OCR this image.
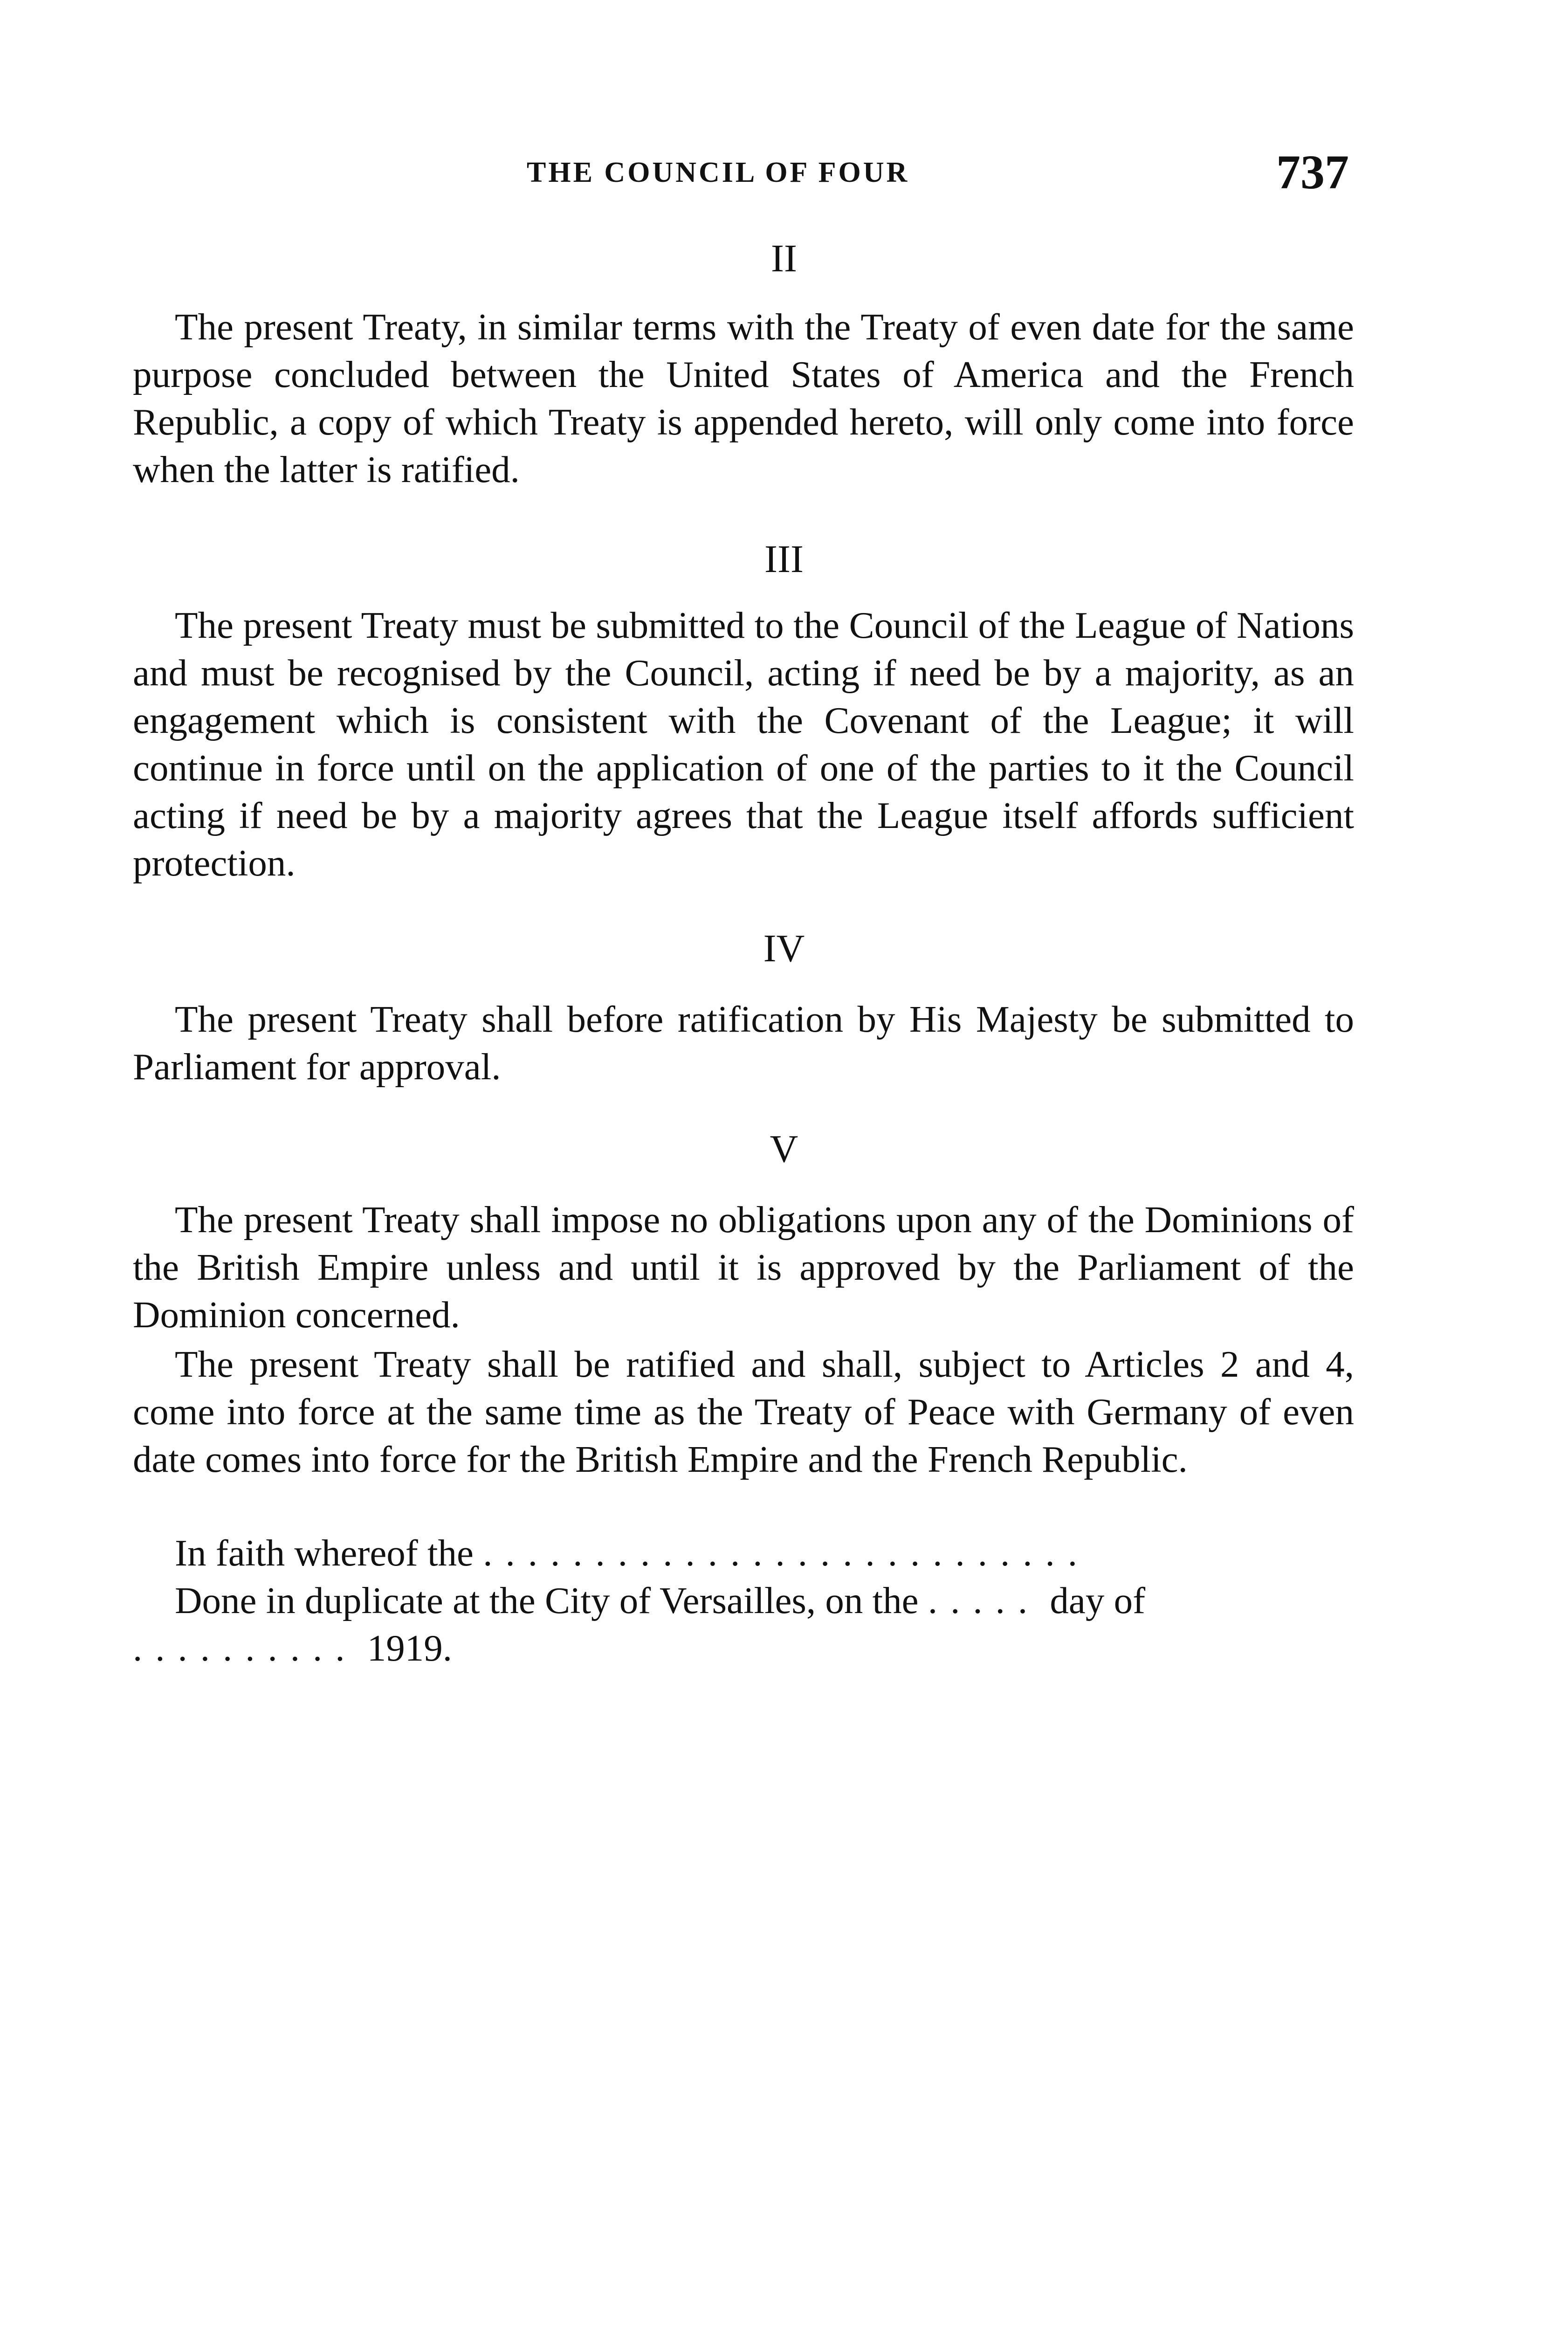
THE COUNCIL OF FOUR	737
II
The present Treaty, in similar terms with the Treaty of even date for the same purpose concluded between the United States of America and the French Republic, a copy of which Treaty is appended hereto, will only come into force when the latter is ratified.
III
The present Treaty must be submitted to the Council of the League of Nations and must be recognised by the Council, acting if need be by a majority, as an engagement which is consistent with the Covenant of the League; it will continue in force until on the application of one of the parties to it the Council acting if need be by a majority agrees that the League itself affords sufficient protection.
IV
The present Treaty shall before ratification by His Majesty be submitted to Parliament for approval.
V
The present Treaty shall impose no obligations upon any of the Dominions of the British Empire unless and until it is approved by the Parliament of the Dominion concerned.
The present Treaty shall be ratified and shall, subject to Articles 2 and 4, come into force at the same time as the Treaty of Peace with Germany of even date comes into force for the British Empire and the French Republic.
In faith whereof the ...........................
Done in duplicate at the City of Versailles, on the ..... day of
.......... 1919.
